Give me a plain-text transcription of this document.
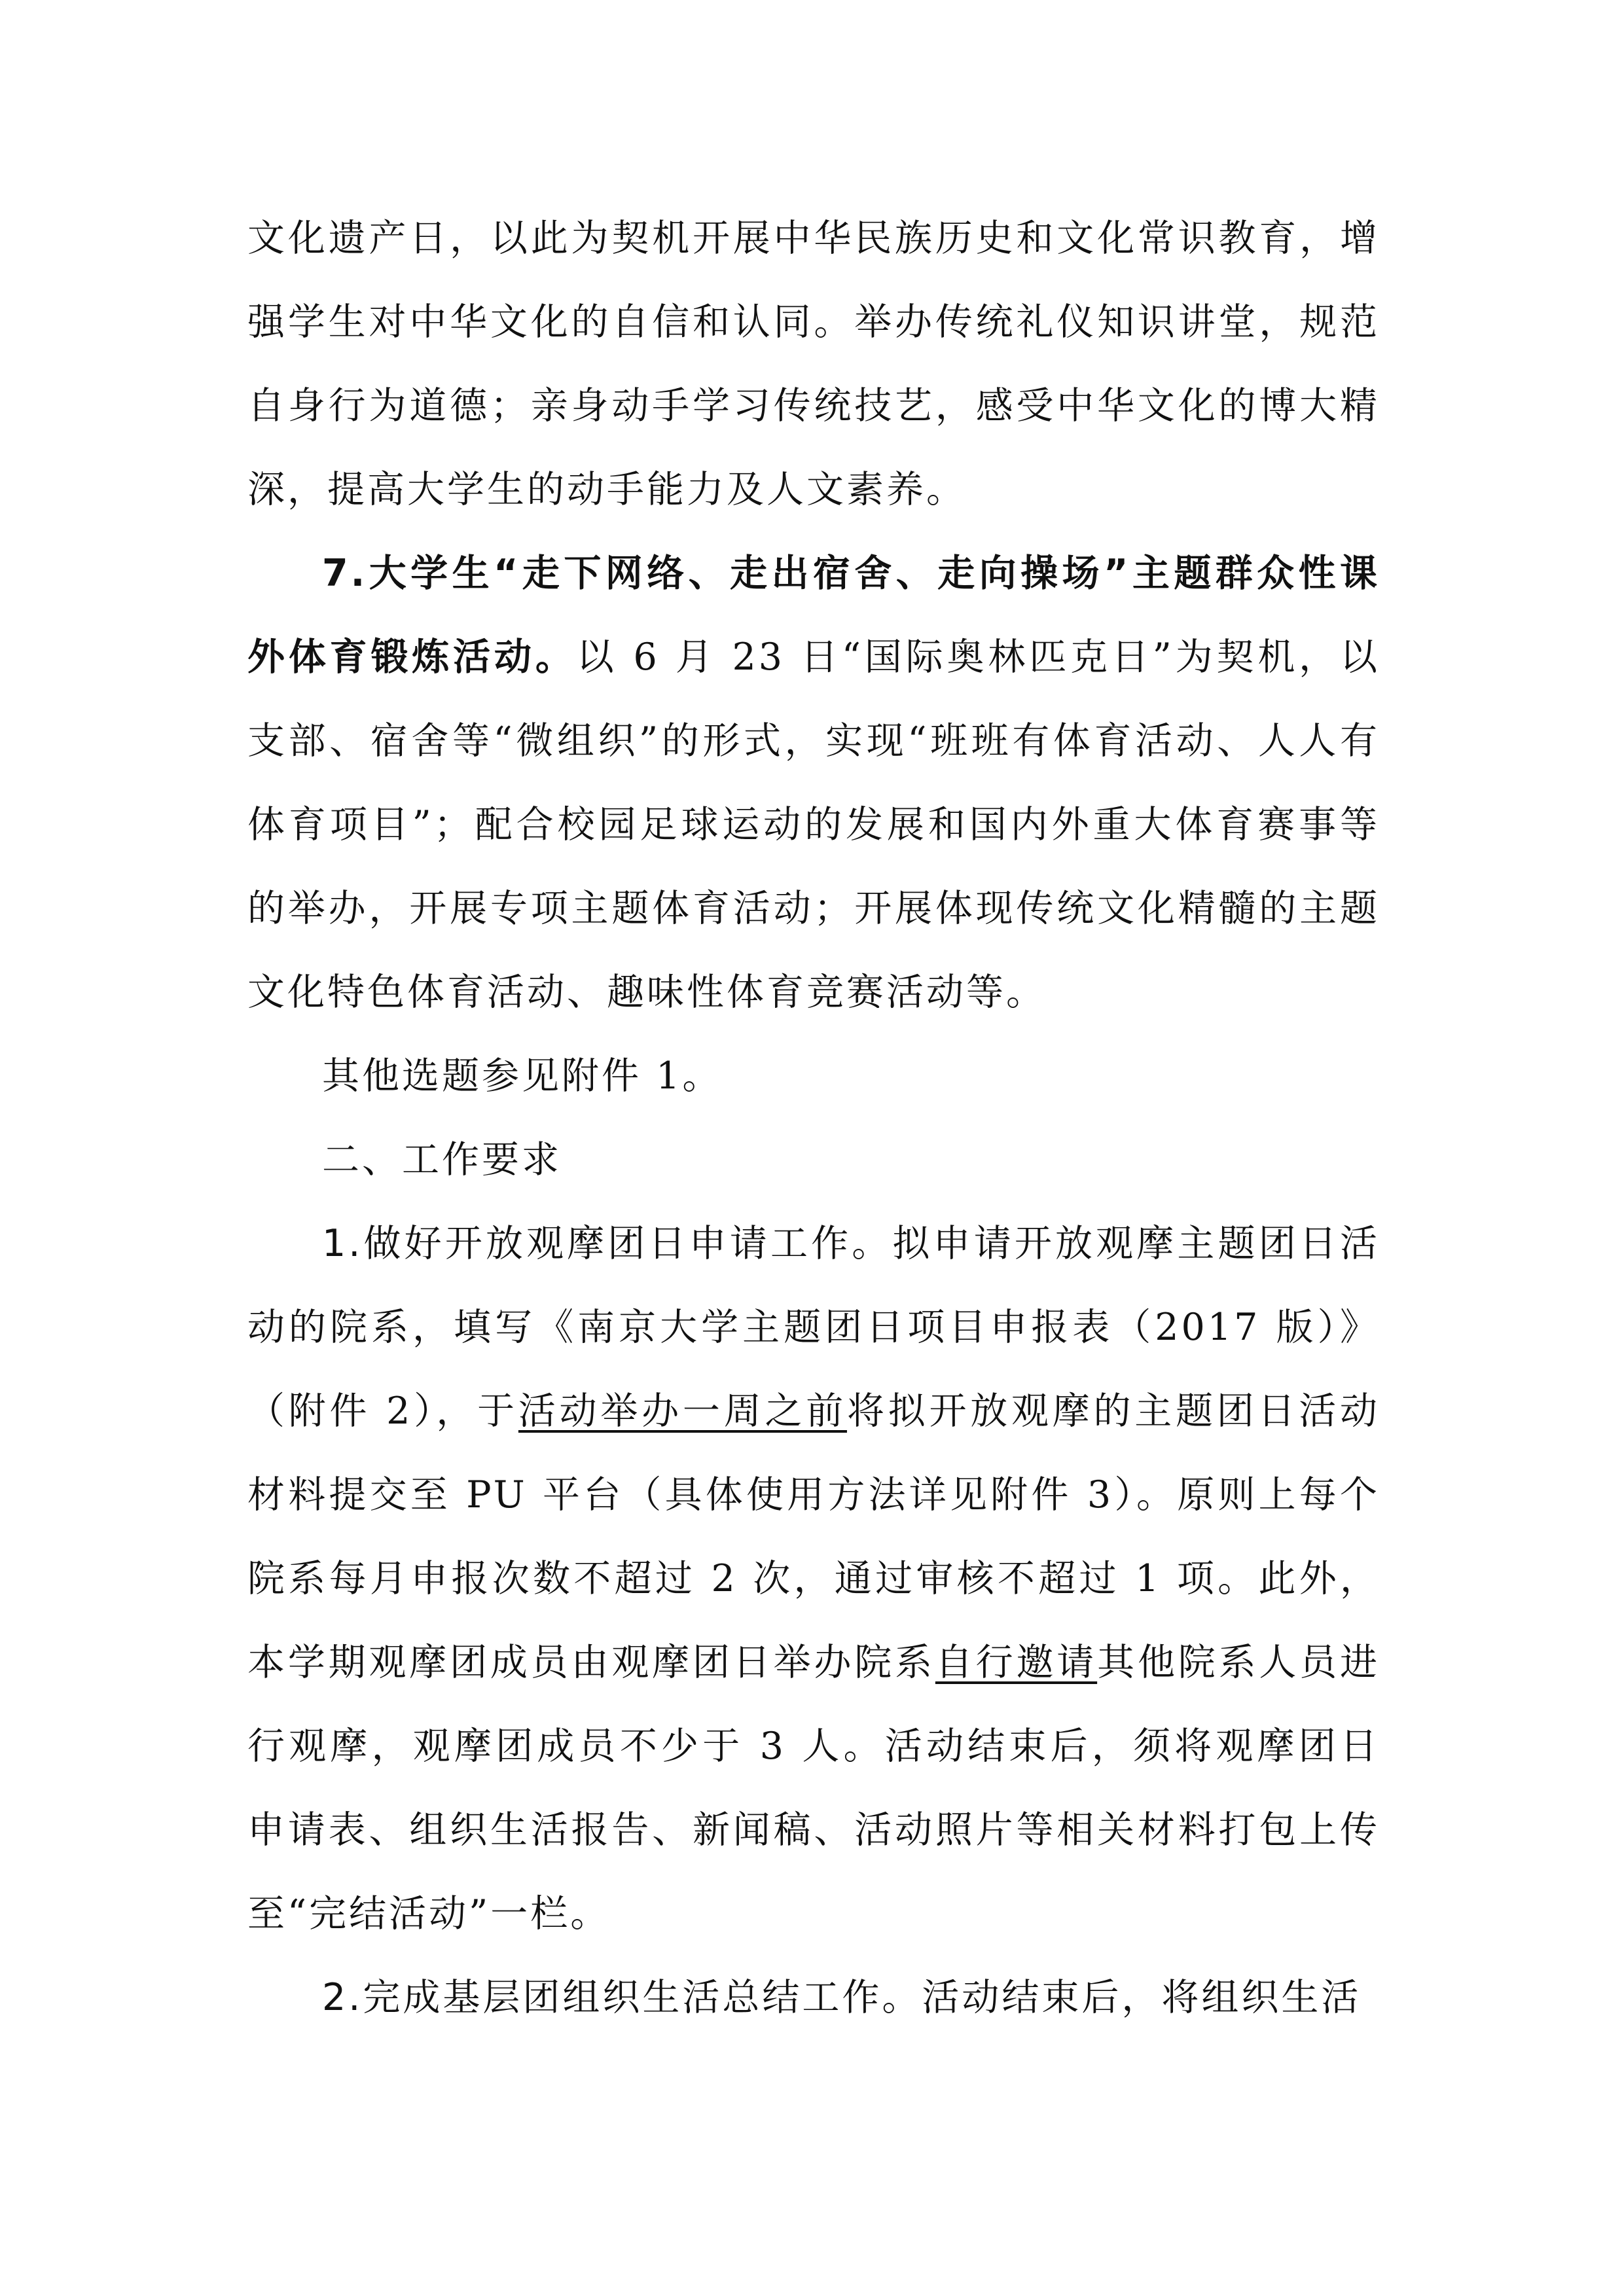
文化遗产日，以此为契机开展中华民族历史和文化常识教育，增强学生对中华文化的自信和认同。举办传统礼仪知识讲堂，规范自身行为道德；亲身动手学习传统技艺，感受中华文化的博大精深，提高大学生的动手能力及人文素养。

7.大学生“走下网络、走出宿舍、走向操场”主题群众性课外体育锻炼活动。以 6 月 23 日“国际奥林匹克日”为契机，以支部、宿舍等“微组织”的形式，实现“班班有体育活动、人人有体育项目”；配合校园足球运动的发展和国内外重大体育赛事等的举办，开展专项主题体育活动；开展体现传统文化精髓的主题文化特色体育活动、趣味性体育竞赛活动等。

其他选题参见附件 1。

二、工作要求

1.做好开放观摩团日申请工作。拟申请开放观摩主题团日活动的院系，填写《南京大学主题团日项目申报表（2017 版）》（附件 2），于活动举办一周之前将拟开放观摩的主题团日活动材料提交至 PU 平台（具体使用方法详见附件 3）。原则上每个院系每月申报次数不超过 2 次，通过审核不超过 1 项。此外，本学期观摩团成员由观摩团日举办院系自行邀请其他院系人员进行观摩，观摩团成员不少于 3 人。活动结束后，须将观摩团日申请表、组织生活报告、新闻稿、活动照片等相关材料打包上传至“完结活动”一栏。

2.完成基层团组织生活总结工作。活动结束后，将组织生活
